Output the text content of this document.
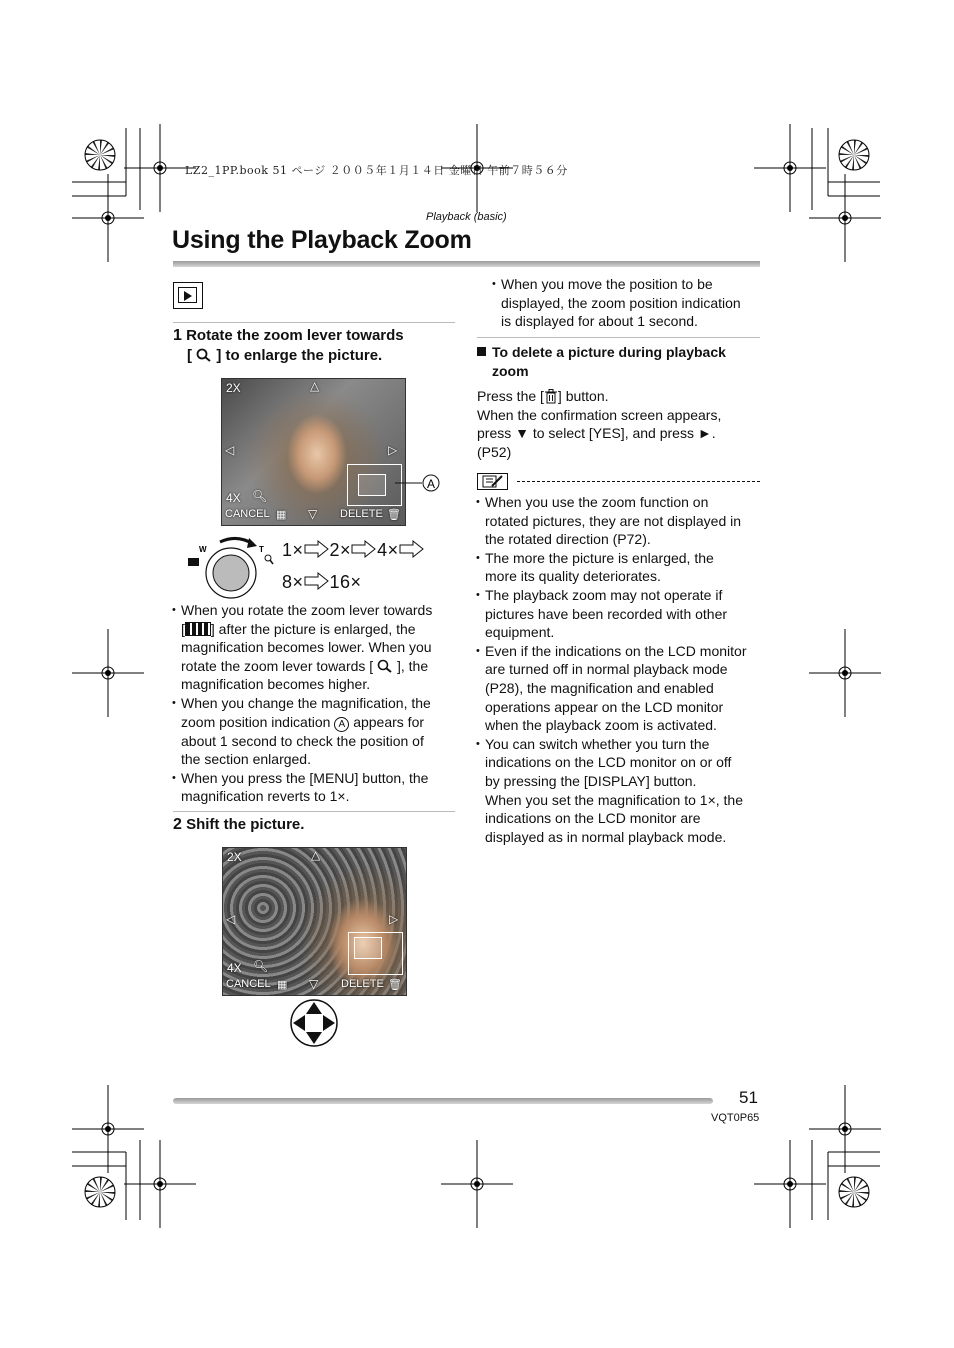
LZ2_1PP.book 51 ページ ２００５年１月１４日 金曜日 午前７時５６分
Playback (basic)
Using the Playback Zoom
1 Rotate the zoom lever towards
[ ] to enlarge the picture.
2X	△
◁	▷
4X 🔍︎
CANCEL ▦ ▽ DELETE 🗑︎
A
W	T 1× 2× 4×
8× 16×
• When you rotate the zoom lever towards
[ ] after the picture is enlarged, the
magnification becomes lower. When you
rotate the zoom lever towards [ ], the
magnification becomes higher.
• When you change the magnification, the
zoom position indication A appears for
about 1 second to check the position of
the section enlarged.
• When you press the [MENU] button, the
magnification reverts to 1×.
2 Shift the picture.
2X	△
◁	▷
4X 🔍︎
CANCEL ▦ ▽ DELETE 🗑︎
• When you move the position to be
displayed, the zoom position indication
is displayed for about 1 second.
To delete a picture during playback
zoom
Press the [ ] button.
When the confirmation screen appears,
press ▼ to select [YES], and press ►.
(P52)
• When you use the zoom function on
rotated pictures, they are not displayed in
the rotated direction (P72).
• The more the picture is enlarged, the
more its quality deteriorates.
• The playback zoom may not operate if
pictures have been recorded with other
equipment.
• Even if the indications on the LCD monitor
are turned off in normal playback mode
(P28), the magnification and enabled
operations appear on the LCD monitor
when the playback zoom is activated.
• You can switch whether you turn the
indications on the LCD monitor on or off
by pressing the [DISPLAY] button.
When you set the magnification to 1×, the
indications on the LCD monitor are
displayed as in normal playback mode.
51
VQT0P65
